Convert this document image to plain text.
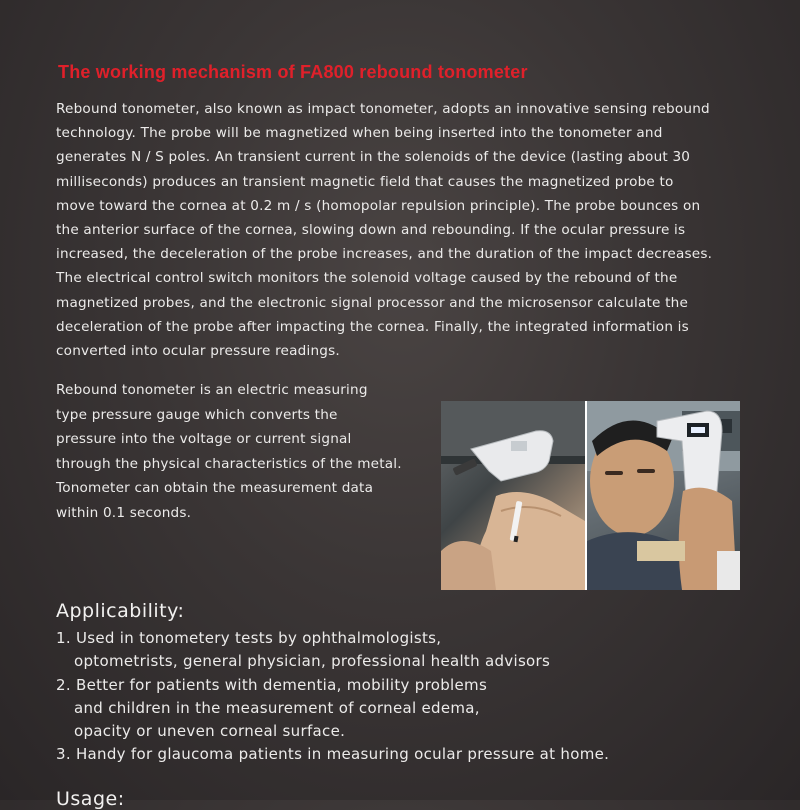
The working mechanism of FA800 rebound tonometer
Rebound tonometer, also known as impact tonometer, adopts an innovative sensing rebound
technology. The probe will be magnetized when being inserted into the tonometer and
generates N / S poles. An transient current in the solenoids of the device (lasting about 30
milliseconds) produces an transient magnetic field that causes the magnetized probe to
move toward the cornea at 0.2 m / s (homopolar repulsion principle). The probe bounces on
the anterior surface of the cornea, slowing down and rebounding. If the ocular pressure is
increased, the deceleration of the probe increases, and the duration of the impact decreases.
The electrical control switch monitors the solenoid voltage caused by the rebound of the
magnetized probes, and the electronic signal processor and the microsensor calculate the
deceleration of the probe after impacting the cornea. Finally, the integrated information is
converted into ocular pressure readings.
Rebound tonometer is an electric measuring
type pressure gauge which converts the
pressure into the voltage or current signal
through the physical characteristics of the metal.
Tonometer can obtain the measurement data
within 0.1 seconds.
Applicability:
1. Used in tonometery tests by ophthalmologists,
optometrists, general physician, professional health advisors
2. Better for patients with dementia, mobility problems
and children in the measurement of corneal edema,
opacity or uneven corneal surface.
3. Handy for glaucoma patients in measuring ocular pressure at home.
Usage:
